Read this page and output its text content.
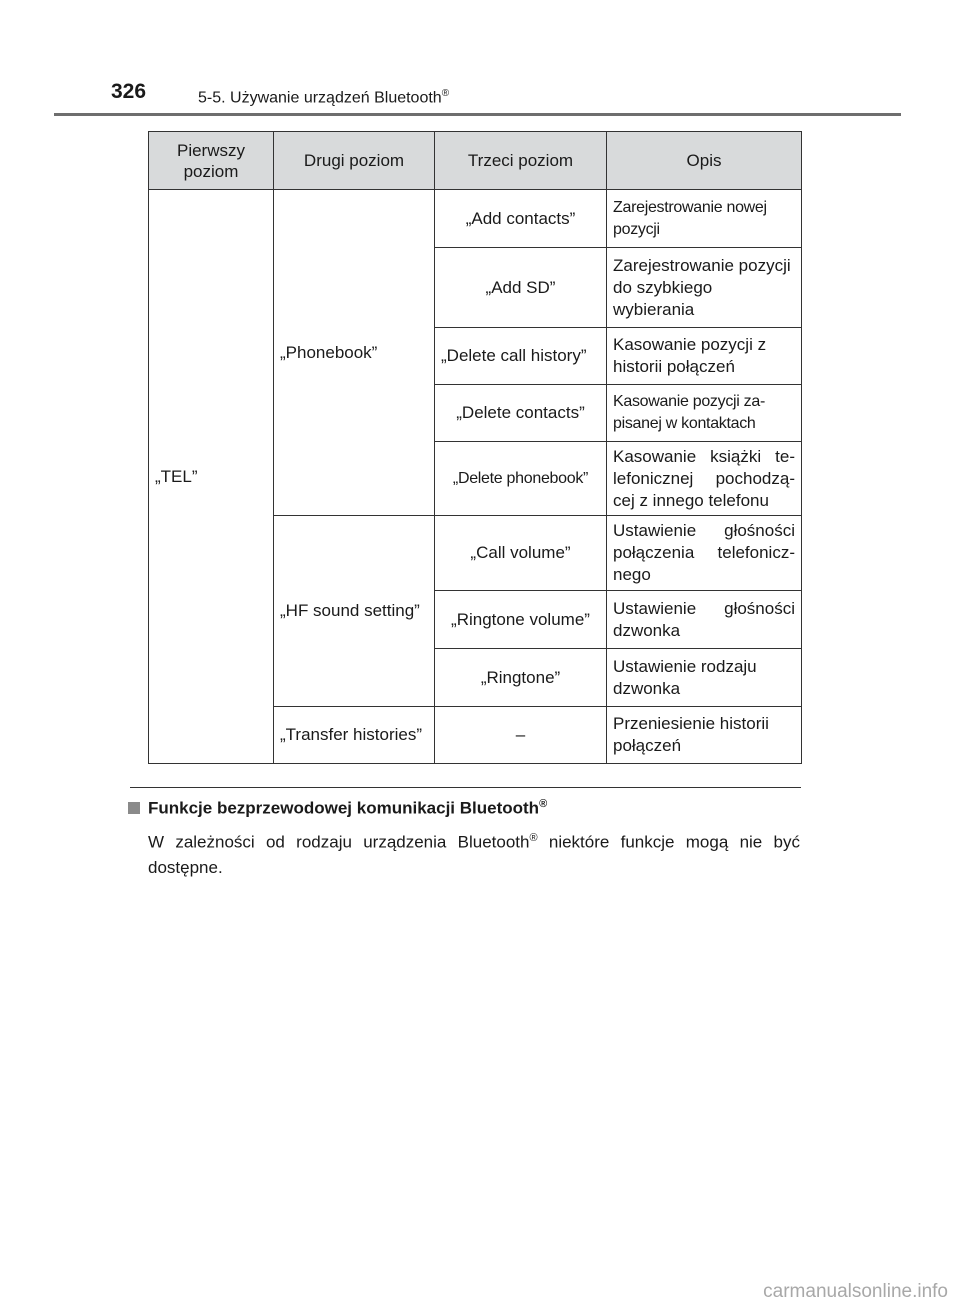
326	5-5. Używanie urządzeń Bluetooth®
Pierwszy poziom	Drugi poziom	Trzeci poziom	Opis
„TEL”	„Phonebook”	„Add contacts”	Zarejestrowanie nowej pozycji
		„Add SD”	Zarejestrowanie pozycji do szybkiego wybierania
		„Delete call history”	Kasowanie pozycji z historii połączeń
		„Delete contacts”	Kasowanie pozycji za-pisanej w kontaktach
		„Delete phonebook”	Kasowanie książki te-lefonicznej pochodzą-cej z innego telefonu
	„HF sound setting”	„Call volume”	Ustawienie głośności połączenia telefonicz-nego
		„Ringtone volume”	Ustawienie głośności dzwonka
		„Ringtone”	Ustawienie rodzaju dzwonka
	„Transfer histories”	–	Przeniesienie historii połączeń
Funkcje bezprzewodowej komunikacji Bluetooth®
W zależności od rodzaju urządzenia Bluetooth® niektóre funkcje mogą nie być dostępne.
carmanualsonline.info
